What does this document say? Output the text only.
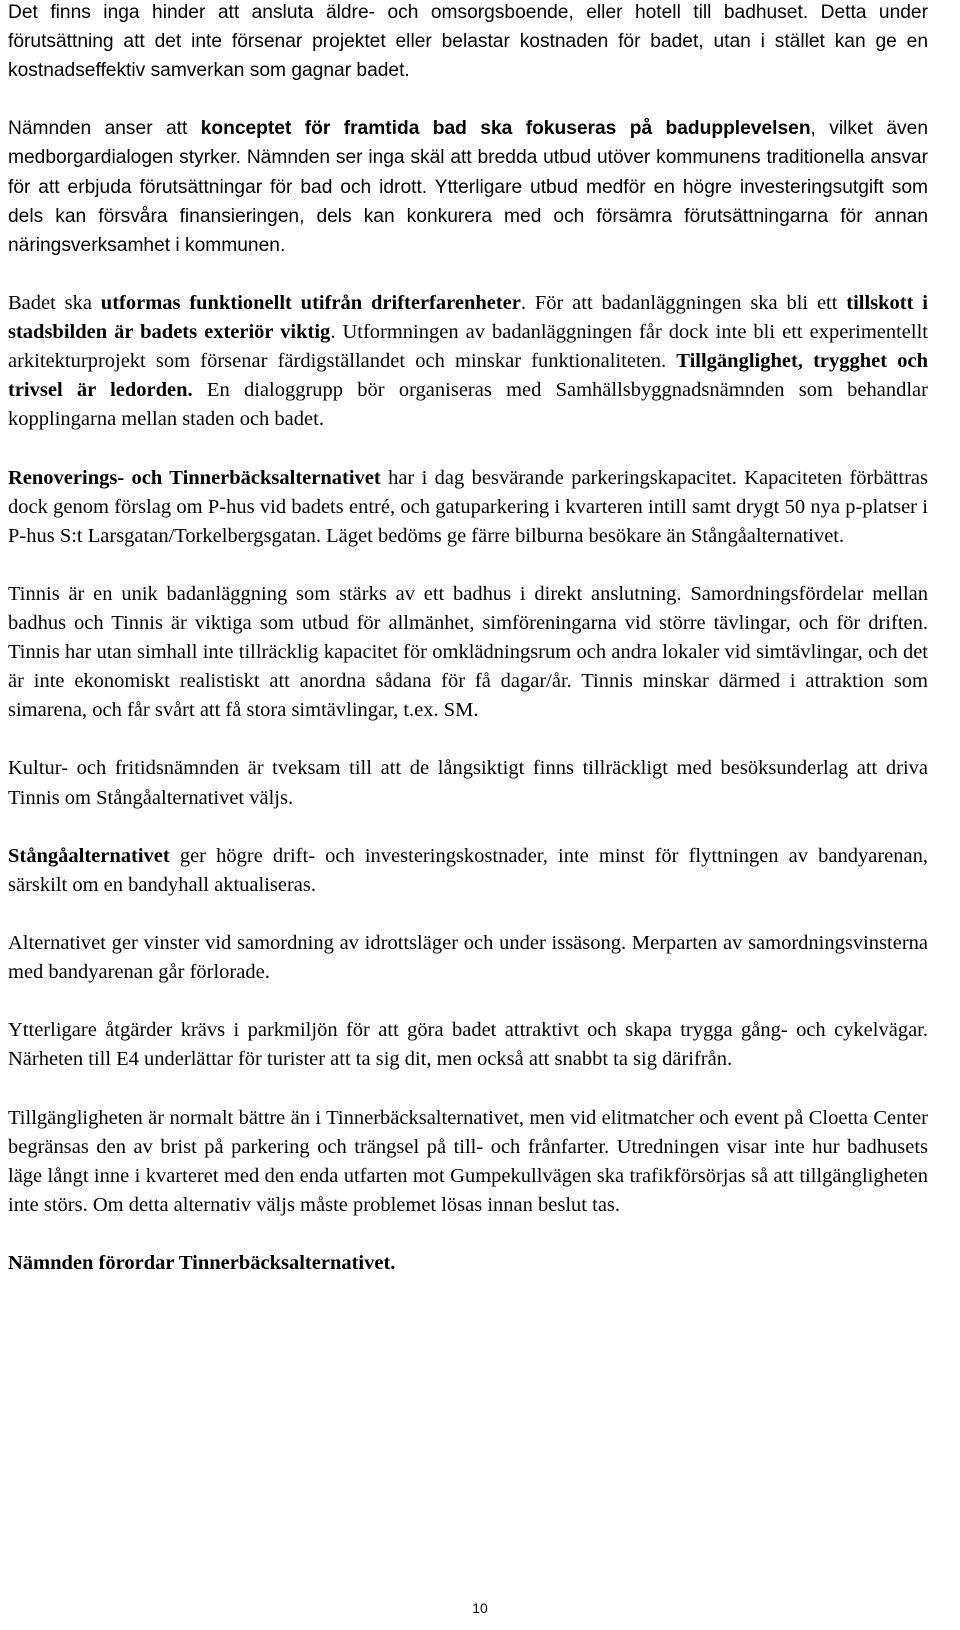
Det finns inga hinder att ansluta äldre- och omsorgsboende, eller hotell till badhuset. Detta under förutsättning att det inte försenar projektet eller belastar kostnaden för badet, utan i stället kan ge en kostnadseffektiv samverkan som gagnar badet.

Nämnden anser att konceptet för framtida bad ska fokuseras på badupplevelsen, vilket även medborgardialogen styrker. Nämnden ser inga skäl att bredda utbud utöver kommunens traditionella ansvar för att erbjuda förutsättningar för bad och idrott. Ytterligare utbud medför en högre investeringsutgift som dels kan försvåra finansieringen, dels kan konkurera med och försämra förutsättningarna för annan näringsverksamhet i kommunen.

Badet ska utformas funktionellt utifrån drifterfarenheter. För att badanläggningen ska bli ett tillskott i stadsbilden är badets exteriör viktig. Utformningen av badanläggningen får dock inte bli ett experimentellt arkitekturprojekt som försenar färdigställandet och minskar funktionaliteten. Tillgänglighet, trygghet och trivsel är ledorden. En dialoggrupp bör organiseras med Samhällsbyggnadsnämnden som behandlar kopplingarna mellan staden och badet.

Renoverings- och Tinnerbäcksalternativet har i dag besvärande parkeringskapacitet. Kapaciteten förbättras dock genom förslag om P-hus vid badets entré, och gatuparkering i kvarteren intill samt drygt 50 nya p-platser i P-hus S:t Larsgatan/Torkelbergsgatan. Läget bedöms ge färre bilburna besökare än Stångåalternativet.

Tinnis är en unik badanläggning som stärks av ett badhus i direkt anslutning. Samordningsfördelar mellan badhus och Tinnis är viktiga som utbud för allmänhet, simföreningarna vid större tävlingar, och för driften. Tinnis har utan simhall inte tillräcklig kapacitet för omklädningsrum och andra lokaler vid simtävlingar, och det är inte ekonomiskt realistiskt att anordna sådana för få dagar/år. Tinnis minskar därmed i attraktion som simarena, och får svårt att få stora simtävlingar, t.ex. SM.

Kultur- och fritidsnämnden är tveksam till att de långsiktigt finns tillräckligt med besöksunderlag att driva Tinnis om Stångåalternativet väljs.

Stångåalternativet ger högre drift- och investeringskostnader, inte minst för flyttningen av bandyarenan, särskilt om en bandyhall aktualiseras.

Alternativet ger vinster vid samordning av idrottsläger och under issäsong. Merparten av samordningsvinsterna med bandyarenan går förlorade.

Ytterligare åtgärder krävs i parkmiljön för att göra badet attraktivt och skapa trygga gång- och cykelvägar. Närheten till E4 underlättar för turister att ta sig dit, men också att snabbt ta sig därifrån.

Tillgängligheten är normalt bättre än i Tinnerbäcksalternativet, men vid elitmatcher och event på Cloetta Center begränsas den av brist på parkering och trängsel på till- och frånfarter. Utredningen visar inte hur badhusets läge långt inne i kvarteret med den enda utfarten mot Gumpekullvägen ska trafikförsörjas så att tillgängligheten inte störs. Om detta alternativ väljs måste problemet lösas innan beslut tas.

Nämnden förordar Tinnerbäcksalternativet.

10
